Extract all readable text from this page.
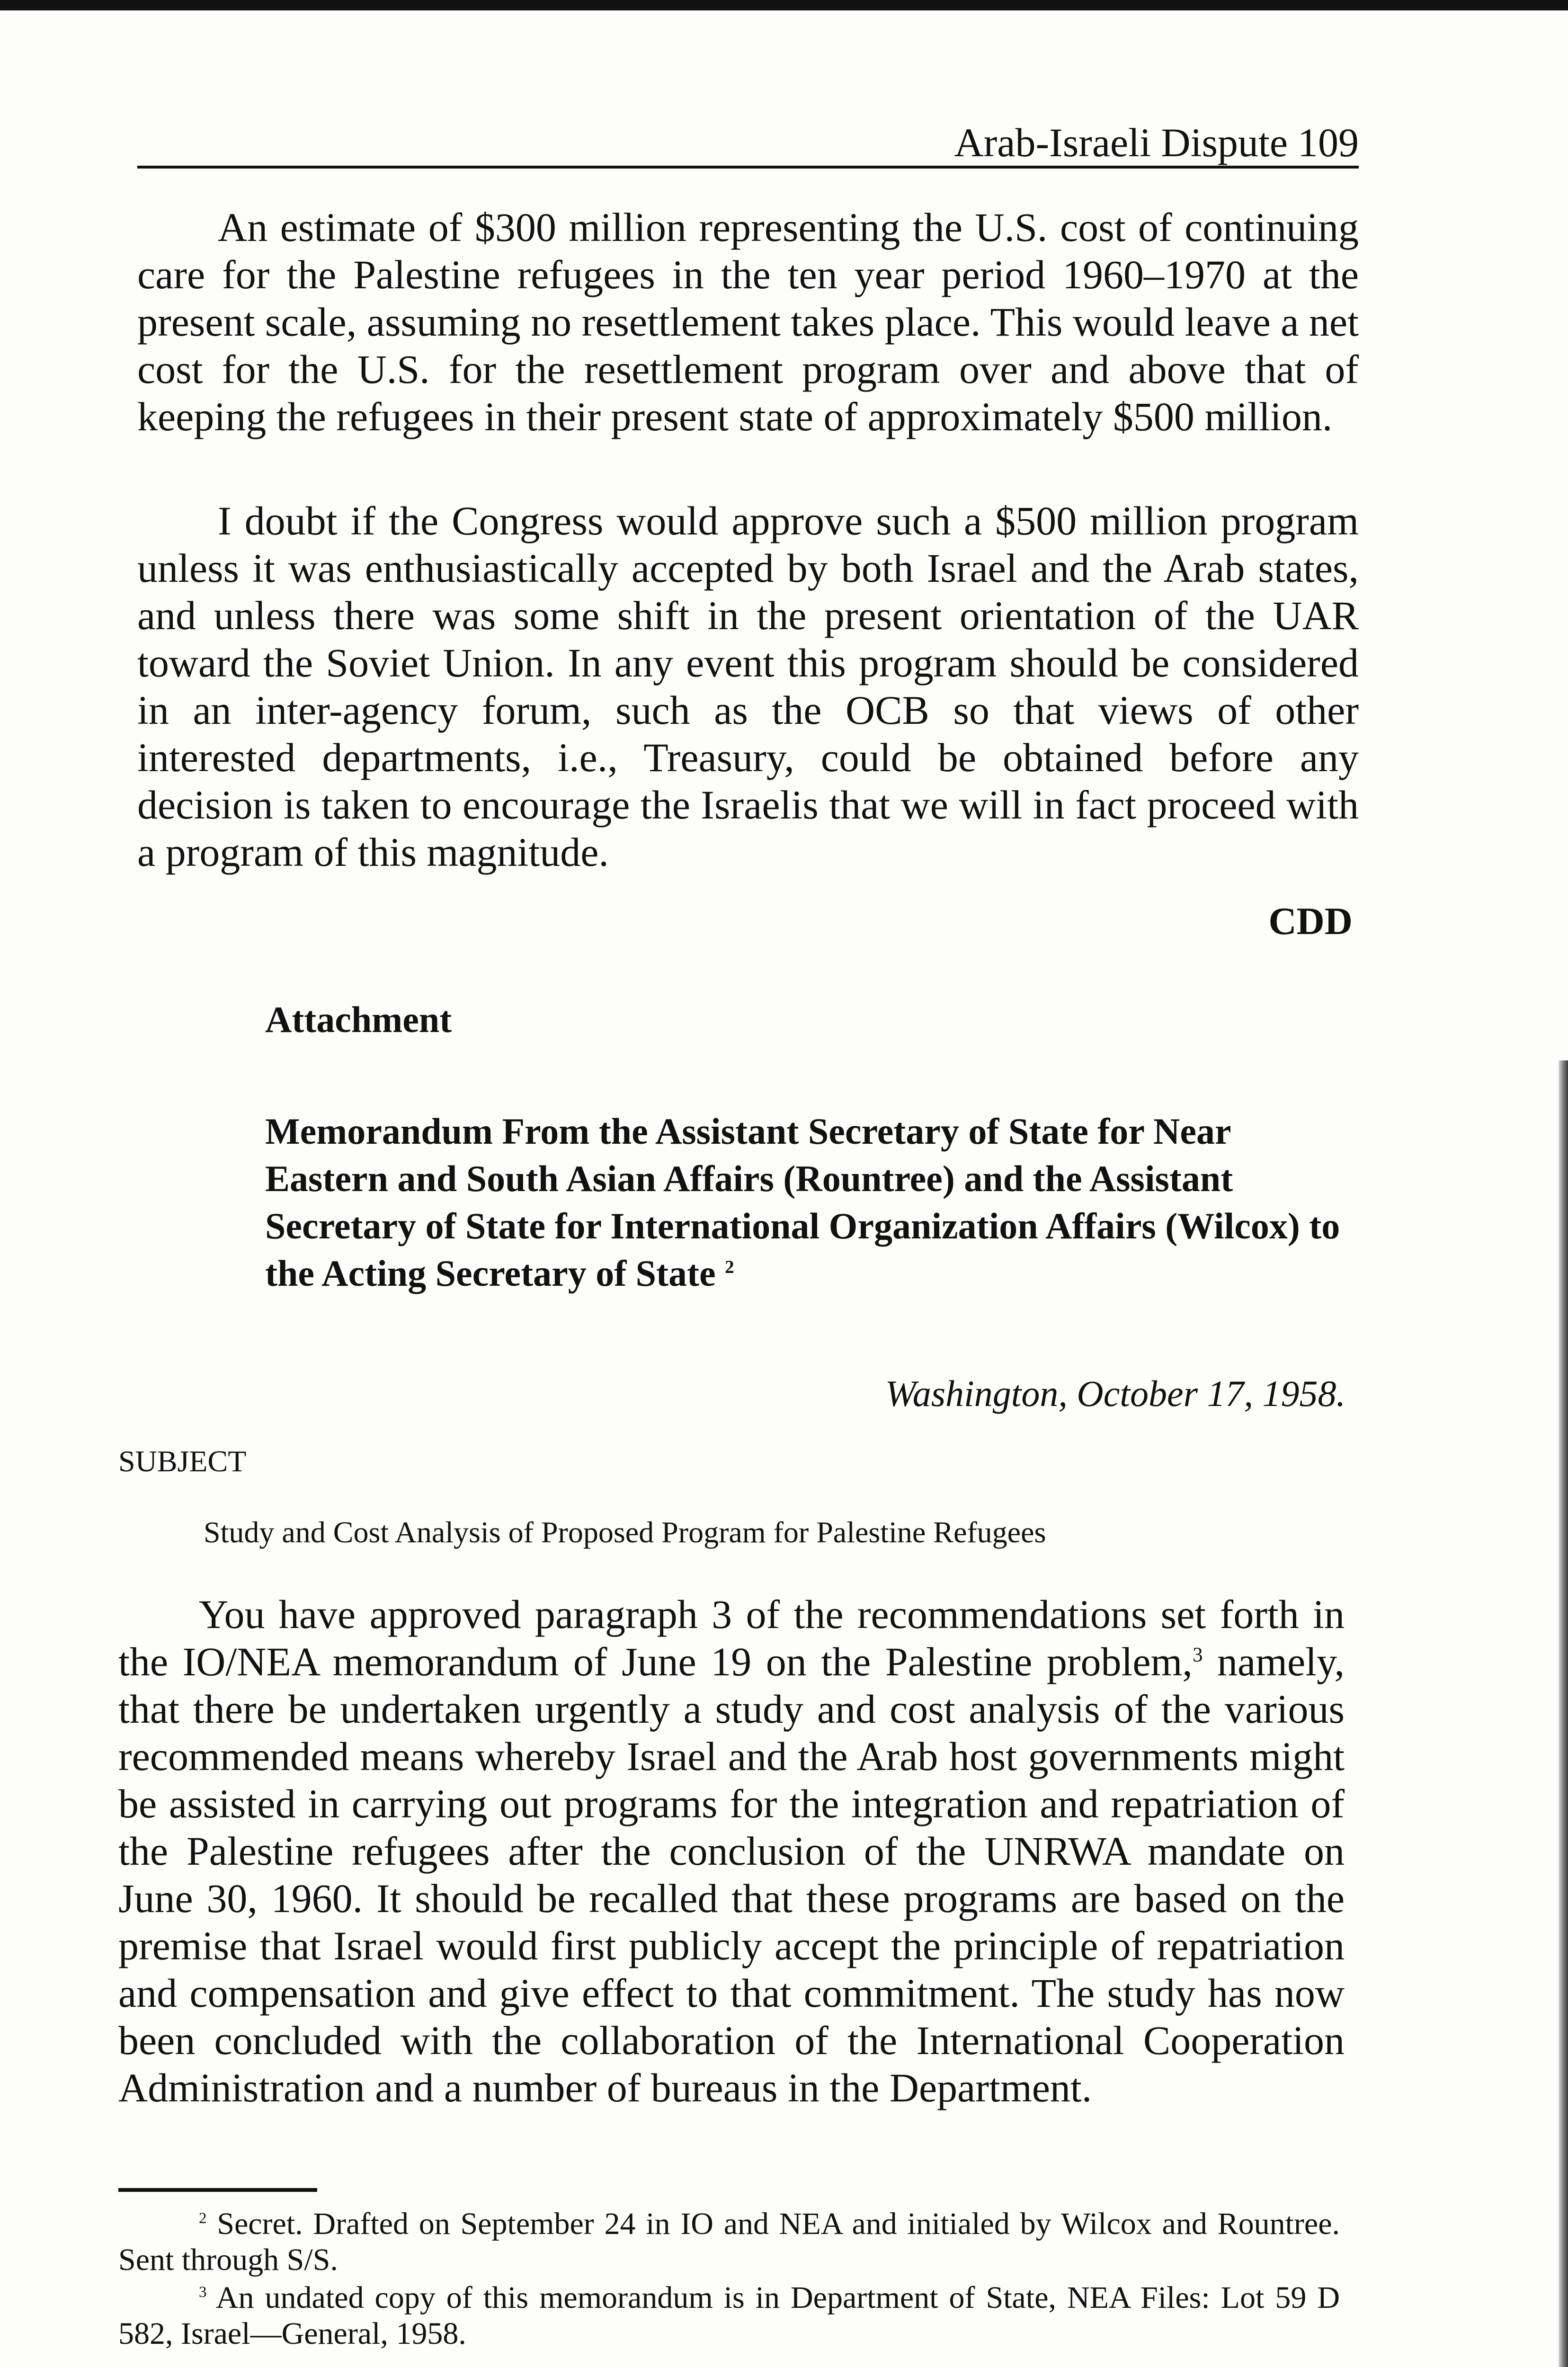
Arab-Israeli Dispute 109

An estimate of $300 million representing the U.S. cost of continuing care for the Palestine refugees in the ten year period 1960–1970 at the present scale, assuming no resettlement takes place. This would leave a net cost for the U.S. for the resettlement program over and above that of keeping the refugees in their present state of approximately $500 million.

I doubt if the Congress would approve such a $500 million program unless it was enthusiastically accepted by both Israel and the Arab states, and unless there was some shift in the present orientation of the UAR toward the Soviet Union. In any event this program should be considered in an inter-agency forum, such as the OCB so that views of other interested departments, i.e., Treasury, could be obtained before any decision is taken to encourage the Israelis that we will in fact proceed with a program of this magnitude.

CDD
Attachment

Memorandum From the Assistant Secretary of State for Near Eastern and South Asian Affairs (Rountree) and the Assistant Secretary of State for International Organization Affairs (Wilcox) to the Acting Secretary of State $^2$

Washington, October 17, 1958.
SUBJECT
Study and Cost Analysis of Proposed Program for Palestine Refugees

You have approved paragraph 3 of the recommendations set forth in the IO/NEA memorandum of June 19 on the Palestine problem,$^3$ namely, that there be undertaken urgently a study and cost analysis of the various recommended means whereby Israel and the Arab host governments might be assisted in carrying out programs for the integration and repatriation of the Palestine refugees after the conclusion of the UNRWA mandate on June 30, 1960. It should be recalled that these programs are based on the premise that Israel would first publicly accept the principle of repatriation and compensation and give effect to that commitment. The study has now been concluded with the collaboration of the International Cooperation Administration and a number of bureaus in the Department.

$^2$ Secret. Drafted on September 24 in IO and NEA and initialed by Wilcox and Rountree. Sent through S/S.

$^3$ An undated copy of this memorandum is in Department of State, NEA Files: Lot 59 D 582, Israel—General, 1958.
